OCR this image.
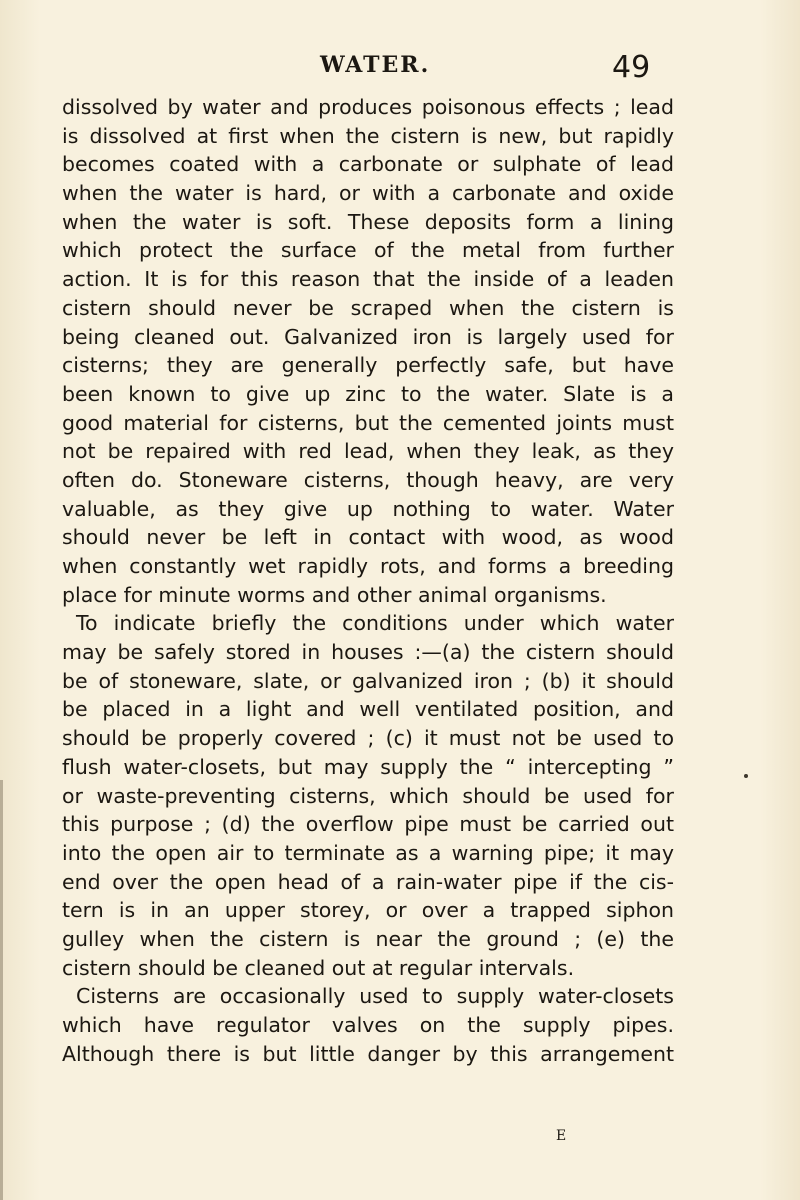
WATER.	49
dissolved by water and produces poisonous effects ; lead
is dissolved at first when the cistern is new, but rapidly
becomes coated with a carbonate or sulphate of lead
when the water is hard, or with a carbonate and oxide
when the water is soft. These deposits form a lining
which protect the surface of the metal from further
action. It is for this reason that the inside of a leaden
cistern should never be scraped when the cistern is
being cleaned out. Galvanized iron is largely used for
cisterns; they are generally perfectly safe, but have
been known to give up zinc to the water. Slate is a
good material for cisterns, but the cemented joints must
not be repaired with red lead, when they leak, as they
often do. Stoneware cisterns, though heavy, are very
valuable, as they give up nothing to water. Water
should never be left in contact with wood, as wood
when constantly wet rapidly rots, and forms a breeding
place for minute worms and other animal organisms.
To indicate briefly the conditions under which water
may be safely stored in houses :—(a) the cistern should
be of stoneware, slate, or galvanized iron ; (b) it should
be placed in a light and well ventilated position, and
should be properly covered ; (c) it must not be used to
flush water-closets, but may supply the “ intercepting ”
or waste-preventing cisterns, which should be used for
this purpose ; (d) the overflow pipe must be carried out
into the open air to terminate as a warning pipe; it may
end over the open head of a rain-water pipe if the cis-
tern is in an upper storey, or over a trapped siphon
gulley when the cistern is near the ground ; (e) the
cistern should be cleaned out at regular intervals.
Cisterns are occasionally used to supply water-closets
which have regulator valves on the supply pipes.
Although there is but little danger by this arrangement
E
